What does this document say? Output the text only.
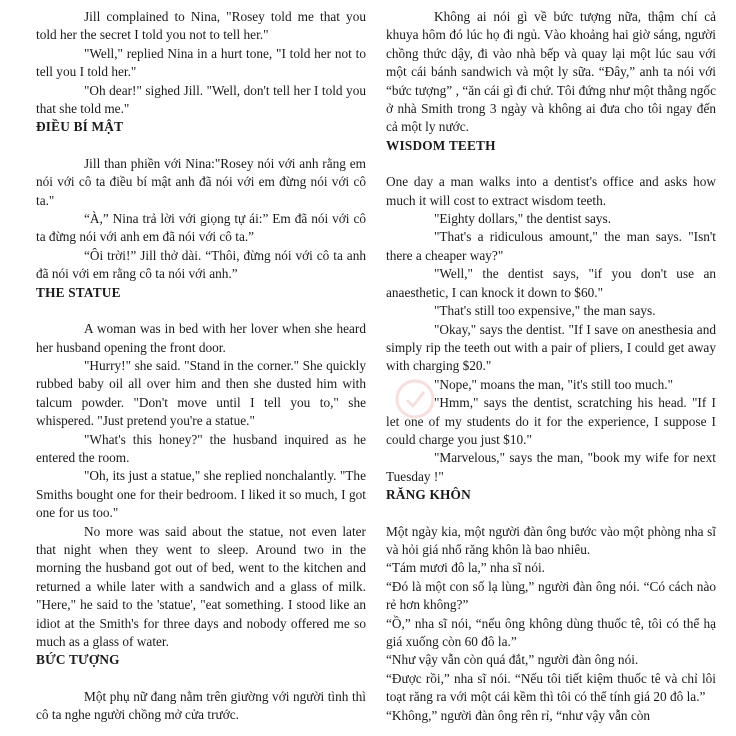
Jill complained to Nina, "Rosey told me that you told her the secret I told you not to tell her."

"Well," replied Nina in a hurt tone, "I told her not to tell you I told her."

"Oh dear!" sighed Jill. "Well, don't tell her I told you that she told me."

ĐIỀU BÍ MẬT

Jill than phiền với Nina:"Rosey nói với anh rằng em nói với cô ta điều bí mật anh đã nói với em đừng nói với cô ta."

“À,” Nina trả lời với giọng tự ái:” Em đã nói với cô ta đừng nói với anh em đã nói với cô ta.”

“Ôi trời!” Jill thở dài. “Thôi, đừng nói với cô ta anh đã nói với em rằng cô ta nói với anh.”

THE STATUE

A woman was in bed with her lover when she heard her husband opening the front door.

"Hurry!" she said. "Stand in the corner." She quickly rubbed baby oil all over him and then she dusted him with talcum powder. "Don't move until I tell you to," she whispered. "Just pretend you're a statue."

"What's this honey?" the husband inquired as he entered the room.

"Oh, its just a statue," she replied nonchalantly. "The Smiths bought one for their bedroom. I liked it so much, I got one for us too."

No more was said about the statue, not even later that night when they went to sleep. Around two in the morning the husband got out of bed, went to the kitchen and returned a while later with a sandwich and a glass of milk. "Here," he said to the 'statue', "eat something. I stood like an idiot at the Smith's for three days and nobody offered me so much as a glass of water.

BỨC TƯỢNG

Một phụ nữ đang nằm trên giường với người tình thì cô ta nghe người chồng mở cửa trước.

Không ai nói gì về bức tượng nữa, thậm chí cả khuya hôm đó lúc họ đi ngủ. Vào khoảng hai giờ sáng, người chồng thức dậy, đi vào nhà bếp và quay lại một lúc sau với một cái bánh sandwich và một ly sữa. “Đây,” anh ta nói với “bức tượng” , “ăn cái gì đi chứ. Tôi đứng như một thằng ngốc ở nhà Smith trong 3 ngày và không ai đưa cho tôi ngay đến cả một ly nước.

WISDOM TEETH

One day a man walks into a dentist's office and asks how much it will cost to extract wisdom teeth.

"Eighty dollars," the dentist says.

"That's a ridiculous amount," the man says. "Isn't there a cheaper way?"

"Well," the dentist says, "if you don't use an anaesthetic, I can knock it down to $60."

"That's still too expensive," the man says.

"Okay," says the dentist. "If I save on anesthesia and simply rip the teeth out with a pair of pliers, I could get away with charging $20."

"Nope," moans the man, "it's still too much."

"Hmm," says the dentist, scratching his head. "If I let one of my students do it for the experience, I suppose I could charge you just $10."

"Marvelous," says the man, "book my wife for next Tuesday !"

RĂNG KHÔN

Một ngày kia, một người đàn ông bước vào một phòng nha sĩ và hỏi giá nhổ răng khôn là bao nhiêu.

“Tám mươi đô la,” nha sĩ nói.

“Đó là một con số lạ lùng,” người đàn ông nói. “Có cách nào rẻ hơn không?”

“Ồ,” nha sĩ nói, “nếu ông không dùng thuốc tê, tôi có thể hạ giá xuống còn 60 đô la.”

“Như vậy vẫn còn quá đắt,” người đàn ông nói.

“Được rồi,” nha sĩ nói. “Nếu tôi tiết kiệm thuốc tê và chỉ lôi toạt răng ra với một cái kềm thì tôi có thể tính giá 20 đô la.”

“Không,” người đàn ông rên rỉ, “như vậy vẫn còn
